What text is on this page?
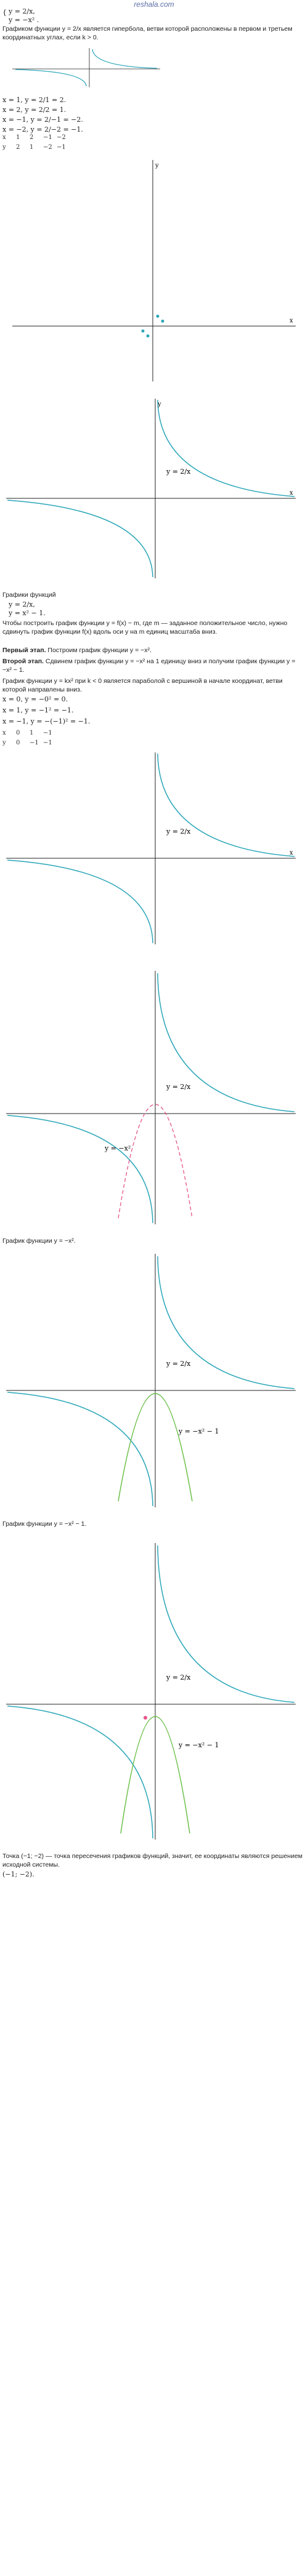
reshala.com
{ y = 2/x,
y = −x² .
Графиком функции y = 2/x является гипербола, ветви которой расположены в первом и третьем координатных углах, если k > 0.
x = 1, y = 2/1 = 2.
x = 2, y = 2/2 = 1.
x = −1, y = 2/−1 = −2.
x = −2, y = 2/−2 = −1.
x 1 2 −1 −2
y 2 1 −2 −1
x
y
y = 2/x
x
y
Графики функций
y = 2/x,
y = x² − 1.
Чтобы построить график функции y = f(x) − m, где m — заданное положительное число, нужно сдвинуть график функции f(x) вдоль оси y на m единиц масштаба вниз.
Первый этап. Построим график функции y = −x².
Второй этап. Сдвинем график функции y = −x² на 1 единицу вниз и получим график функции y = −x² − 1.
График функции y = kx² при k < 0 является параболой с вершиной в начале координат, ветви которой направлены вниз.
x = 0, y = −0² = 0.
x = 1, y = −1² = −1.
x = −1, y = −(−1)² = −1.
x 0 1 −1
y 0 −1 −1
y = 2/x
x
y = 2/x
y = −x²
График функции y = −x².
y = 2/x
y = −x² − 1
График функции y = −x² − 1.
y = 2/x
y = −x² − 1
Точка (−1; −2) — точка пересечения графиков функций, значит, ее координаты являются решением исходной системы.
(−1; −2).
